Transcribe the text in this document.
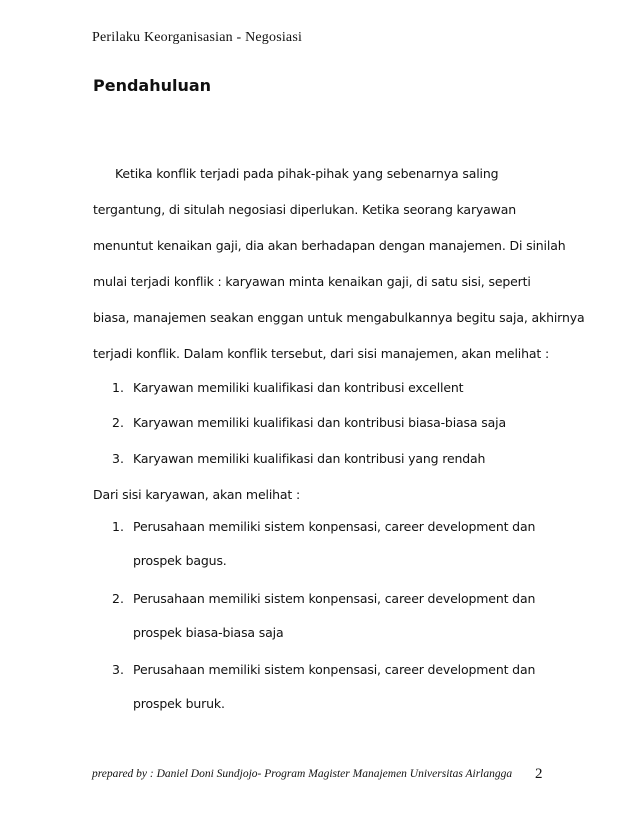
Perilaku Keorganisasian - Negosiasi
Pendahuluan
Ketika konflik terjadi pada pihak-pihak yang sebenarnya saling
tergantung, di situlah negosiasi diperlukan. Ketika seorang karyawan
menuntut kenaikan gaji, dia akan berhadapan dengan manajemen. Di sinilah
mulai terjadi konflik : karyawan minta kenaikan gaji, di satu sisi, seperti
biasa, manajemen seakan enggan untuk mengabulkannya begitu saja, akhirnya
terjadi konflik. Dalam konflik tersebut, dari sisi manajemen, akan melihat :
1. Karyawan memiliki kualifikasi dan kontribusi excellent
2. Karyawan memiliki kualifikasi dan kontribusi biasa-biasa saja
3. Karyawan memiliki kualifikasi dan kontribusi yang rendah
Dari sisi karyawan, akan melihat :
1. Perusahaan memiliki sistem konpensasi, career development dan
prospek bagus.
2. Perusahaan memiliki sistem konpensasi, career development dan
prospek biasa-biasa saja
3. Perusahaan memiliki sistem konpensasi, career development dan
prospek buruk.
prepared by : Daniel Doni Sundjojo- Program Magister Manajemen Universitas Airlangga 2
